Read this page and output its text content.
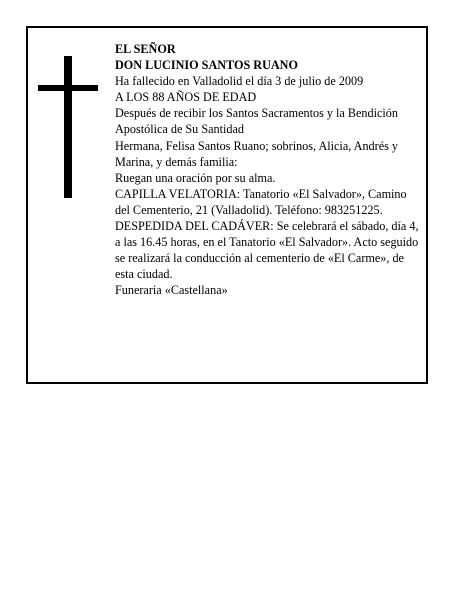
EL SEÑOR

DON LUCINIO SANTOS RUANO

Ha fallecido en Valladolid el día 3 de julio de 2009

A LOS 88 AÑOS DE EDAD

Después de recibir los Santos Sacramentos y la Bendición Apostólica de Su Santidad

Hermana, Felisa Santos Ruano; sobrinos, Alicia, Andrés y Marina, y demás familia:

Ruegan una oración por su alma.

CAPILLA VELATORIA: Tanatorio «El Salvador», Camino del Cementerio, 21 (Valladolid). Teléfono: 983251225.

DESPEDIDA DEL CADÁVER: Se celebrará el sábado, día 4, a las 16.45 horas, en el Tanatorio «El Salvador». Acto seguido se realizará la conducción al cementerio de «El Carme», de esta ciudad.

Funeraria «Castellana»
